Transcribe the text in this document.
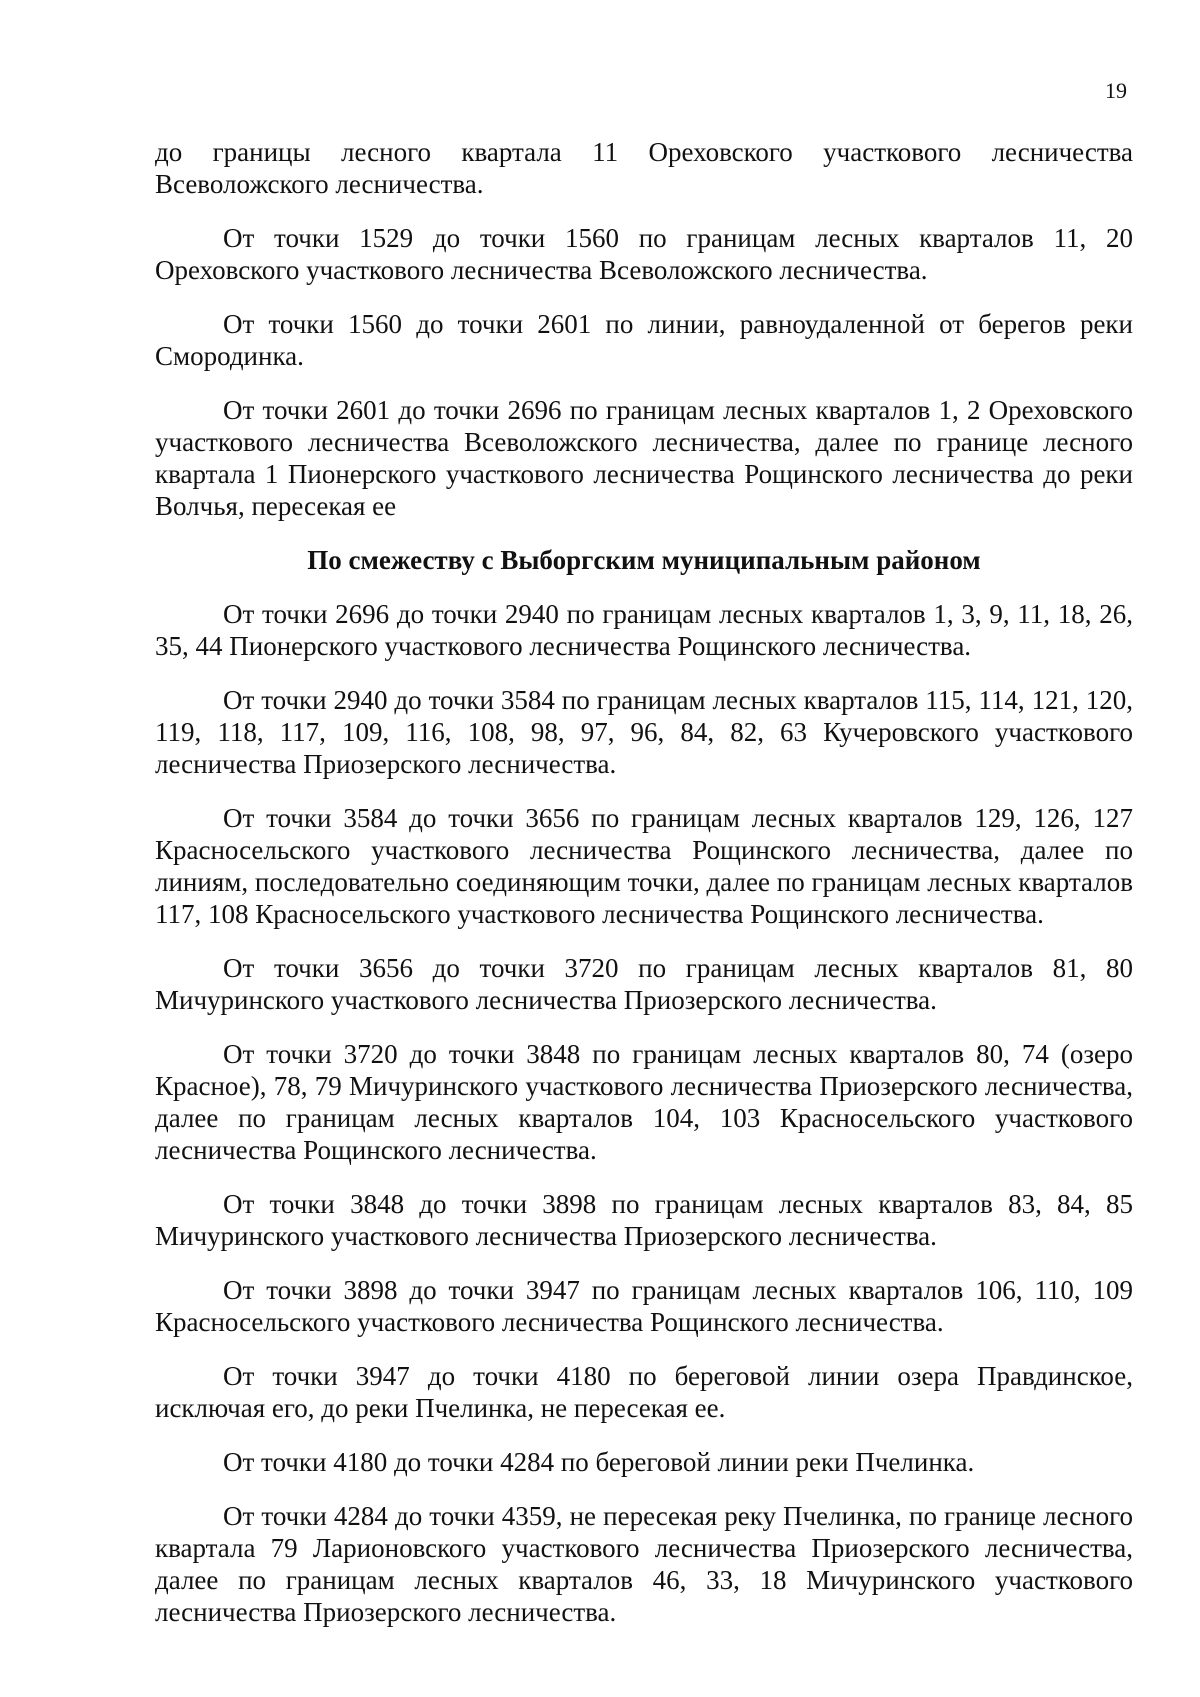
19

до границы лесного квартала 11 Ореховского участкового лесничества Всеволожского лесничества.

От точки 1529 до точки 1560 по границам лесных кварталов 11, 20 Ореховского участкового лесничества Всеволожского лесничества.

От точки 1560 до точки 2601 по линии, равноудаленной от берегов реки Смородинка.

От точки 2601 до точки 2696 по границам лесных кварталов 1, 2 Ореховского участкового лесничества Всеволожского лесничества, далее по границе лесного квартала 1 Пионерского участкового лесничества Рощинского лесничества до реки Волчья, пересекая ее

По смежеству с Выборгским муниципальным районом

От точки 2696 до точки 2940 по границам лесных кварталов 1, 3, 9, 11, 18, 26, 35, 44 Пионерского участкового лесничества Рощинского лесничества.

От точки 2940 до точки 3584 по границам лесных кварталов 115, 114, 121, 120, 119, 118, 117, 109, 116, 108, 98, 97, 96, 84, 82, 63 Кучеровского участкового лесничества Приозерского лесничества.

От точки 3584 до точки 3656 по границам лесных кварталов 129, 126, 127 Красносельского участкового лесничества Рощинского лесничества, далее по линиям, последовательно соединяющим точки, далее по границам лесных кварталов 117, 108 Красносельского участкового лесничества Рощинского лесничества.

От точки 3656 до точки 3720 по границам лесных кварталов 81, 80 Мичуринского участкового лесничества Приозерского лесничества.

От точки 3720 до точки 3848 по границам лесных кварталов 80, 74 (озеро Красное), 78, 79 Мичуринского участкового лесничества Приозерского лесничества, далее по границам лесных кварталов 104, 103 Красносельского участкового лесничества Рощинского лесничества.

От точки 3848 до точки 3898 по границам лесных кварталов 83, 84, 85 Мичуринского участкового лесничества Приозерского лесничества.

От точки 3898 до точки 3947 по границам лесных кварталов 106, 110, 109 Красносельского участкового лесничества Рощинского лесничества.

От точки 3947 до точки 4180 по береговой линии озера Правдинское, исключая его, до реки Пчелинка, не пересекая ее.

От точки 4180 до точки 4284 по береговой линии реки Пчелинка.

От точки 4284 до точки 4359, не пересекая реку Пчелинка, по границе лесного квартала 79 Ларионовского участкового лесничества Приозерского лесничества, далее по границам лесных кварталов 46, 33, 18 Мичуринского участкового лесничества Приозерского лесничества.
